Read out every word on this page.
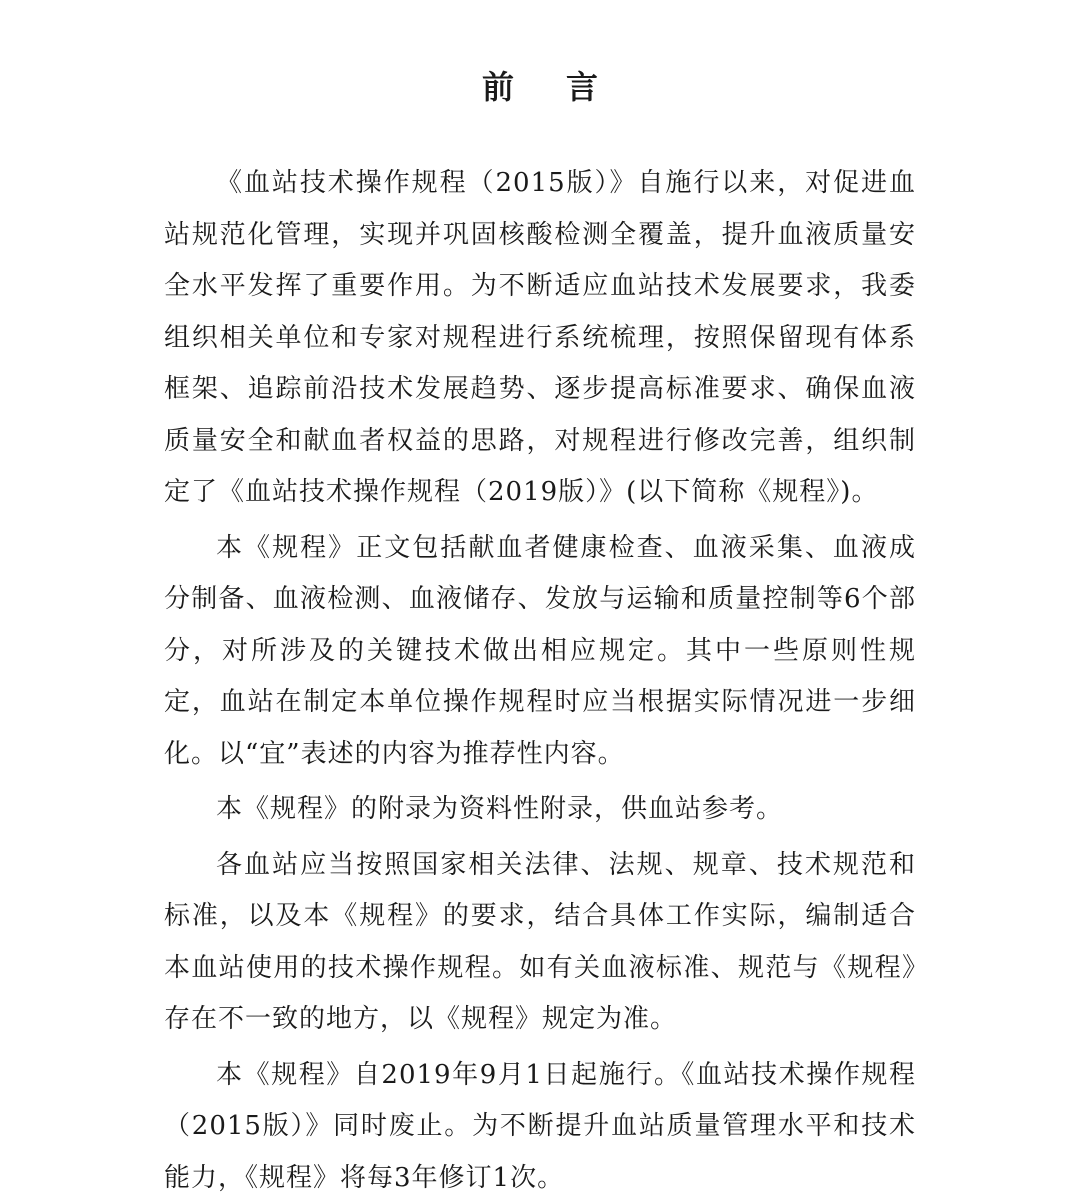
前言

《血站技术操作规程（2015版）》自施行以来，对促进血站规范化管理，实现并巩固核酸检测全覆盖，提升血液质量安全水平发挥了重要作用。为不断适应血站技术发展要求，我委组织相关单位和专家对规程进行系统梳理，按照保留现有体系框架、追踪前沿技术发展趋势、逐步提高标准要求、确保血液质量安全和献血者权益的思路，对规程进行修改完善，组织制定了《血站技术操作规程（2019版）》(以下简称《规程》)。

本《规程》正文包括献血者健康检查、血液采集、血液成分制备、血液检测、血液储存、发放与运输和质量控制等6个部分，对所涉及的关键技术做出相应规定。其中一些原则性规定，血站在制定本单位操作规程时应当根据实际情况进一步细化。以“宜”表述的内容为推荐性内容。

本《规程》的附录为资料性附录，供血站参考。

各血站应当按照国家相关法律、法规、规章、技术规范和标准，以及本《规程》的要求，结合具体工作实际，编制适合本血站使用的技术操作规程。如有关血液标准、规范与《规程》存在不一致的地方，以《规程》规定为准。

本《规程》自2019年9月1日起施行。《血站技术操作规程（2015版）》同时废止。为不断提升血站质量管理水平和技术能力，《规程》将每3年修订1次。
